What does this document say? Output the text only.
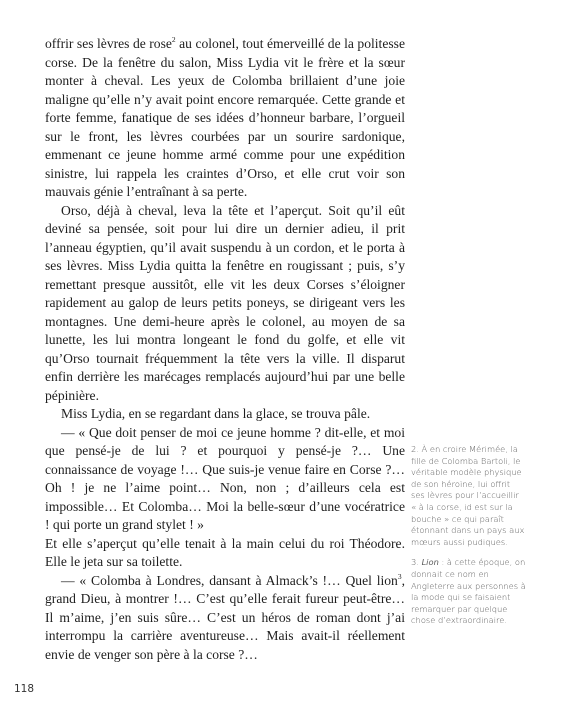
offrir ses lèvres de rose$^2$ au colonel, tout émerveillé de la politesse corse. De la fenêtre du salon, Miss Lydia vit le frère et la sœur monter à cheval. Les yeux de Colomba brillaient d’une joie maligne qu’elle n’y avait point encore remarquée. Cette grande et forte femme, fanatique de ses idées d’honneur barbare, l’orgueil sur le front, les lèvres courbées par un sourire sardonique, emmenant ce jeune homme armé comme pour une expédition sinistre, lui rappela les craintes d’Orso, et elle crut voir son mauvais génie l’entraînant à sa perte.

Orso, déjà à cheval, leva la tête et l’aperçut. Soit qu’il eût deviné sa pensée, soit pour lui dire un dernier adieu, il prit l’anneau égyptien, qu’il avait suspendu à un cordon, et le porta à ses lèvres. Miss Lydia quitta la fenêtre en rougissant ; puis, s’y remettant presque aussitôt, elle vit les deux Corses s’éloigner rapidement au galop de leurs petits poneys, se dirigeant vers les montagnes. Une demi-heure après le colonel, au moyen de sa lunette, les lui montra longeant le fond du golfe, et elle vit qu’Orso tournait fréquemment la tête vers la ville. Il disparut enfin derrière les marécages remplacés aujourd’hui par une belle pépinière.

Miss Lydia, en se regardant dans la glace, se trouva pâle.

— « Que doit penser de moi ce jeune homme ? dit-elle, et moi que pensé-je de lui ? et pourquoi y pensé-je ?… Une connaissance de voyage !… Que suis-je venue faire en Corse ?… Oh ! je ne l’aime point… Non, non ; d’ailleurs cela est impossible… Et Colomba… Moi la belle-sœur d’une vocératrice ! qui porte un grand stylet ! »

Et elle s’aperçut qu’elle tenait à la main celui du roi Théodore. Elle le jeta sur sa toilette.

— « Colomba à Londres, dansant à Almack’s !… Quel lion$^3$, grand Dieu, à montrer !… C’est qu’elle ferait fureur peut-être… Il m’aime, j’en suis sûre… C’est un héros de roman dont j’ai interrompu la carrière aventureuse… Mais avait-il réellement envie de venger son père à la corse ?…

2. À en croire Mérimée, la fille de Colomba Bartoli, le véritable modèle physique de son héroïne, lui offrit ses lèvres pour l’accueillir « à la corse, id est sur la bouche » ce qui paraît étonnant dans un pays aux mœurs aussi pudiques.

3. Lion : à cette époque, on donnait ce nom en Angleterre aux personnes à la mode qui se faisaient remarquer par quelque chose d’extraordinaire.

118
